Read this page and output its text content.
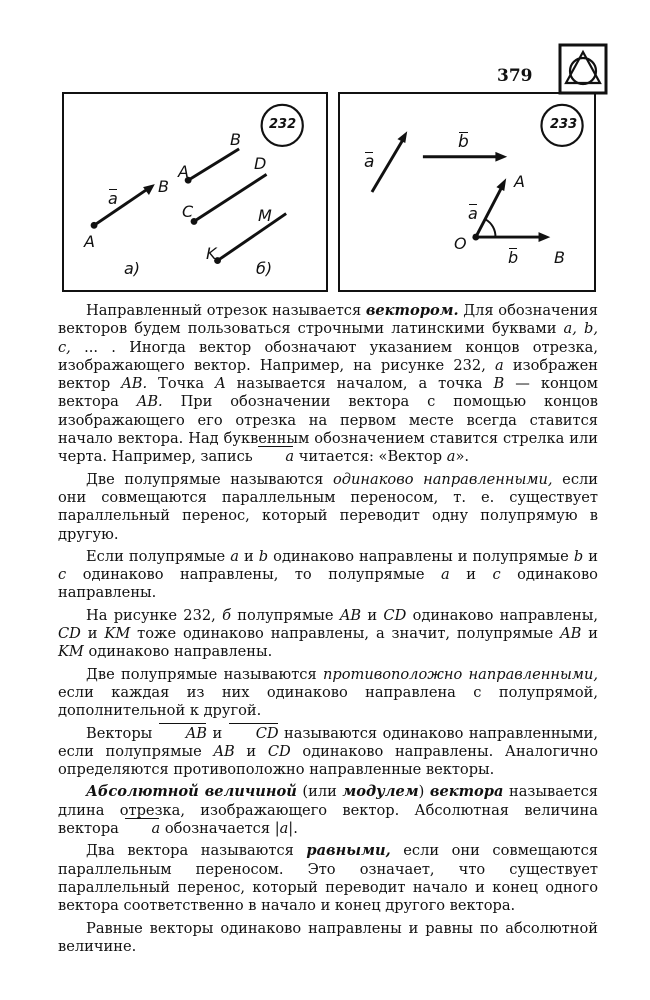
379
232
A
B
a
а)
A
B
C
D
K
M
б)
233
a
b
A
a
O
b B

Направленный отрезок называется вектором. Для обозначения векторов будем пользоваться строчными латинскими буквами a, b, c, ... . Иногда вектор обозначают указанием концов отрезка, изображающего вектор. Например, на рисунке 232, а изображен вектор AB. Точка A называется началом, а точка B — концом вектора AB. При обозначении вектора с помощью концов изображающего его отрезка на первом месте всегда ставится начало вектора. Над буквенным обозначением ставится стрелка или черта. Например, запись a читается: «Вектор a».

Две полупрямые называются одинаково направленными, если они совмещаются параллельным переносом, т. е. существует параллельный перенос, который переводит одну полупрямую в другую.

Если полупрямые a и b одинаково направлены и полупрямые b и c одинаково направлены, то полупрямые a и c одинаково направлены.

На рисунке 232, б полупрямые AB и CD одинаково направлены, CD и KM тоже одинаково направлены, а значит, полупрямые AB и KM одинаково направлены.

Две полупрямые называются противоположно направленными, если каждая из них одинаково направлена с полупрямой, дополнительной к другой.

Векторы AB и CD называются одинаково направленными, если полупрямые AB и CD одинаково направлены. Аналогично определяются противоположно направленные векторы.

Абсолютной величиной (или модулем) вектора называется длина отрезка, изображающего вектор. Абсолютная величина вектора a обозначается |a|.

Два вектора называются равными, если они совмещаются параллельным переносом. Это означает, что существует параллельный перенос, который переводит начало и конец одного вектора соответственно в начало и конец другого вектора.

Равные векторы одинаково направлены и равны по абсолютной величине.
